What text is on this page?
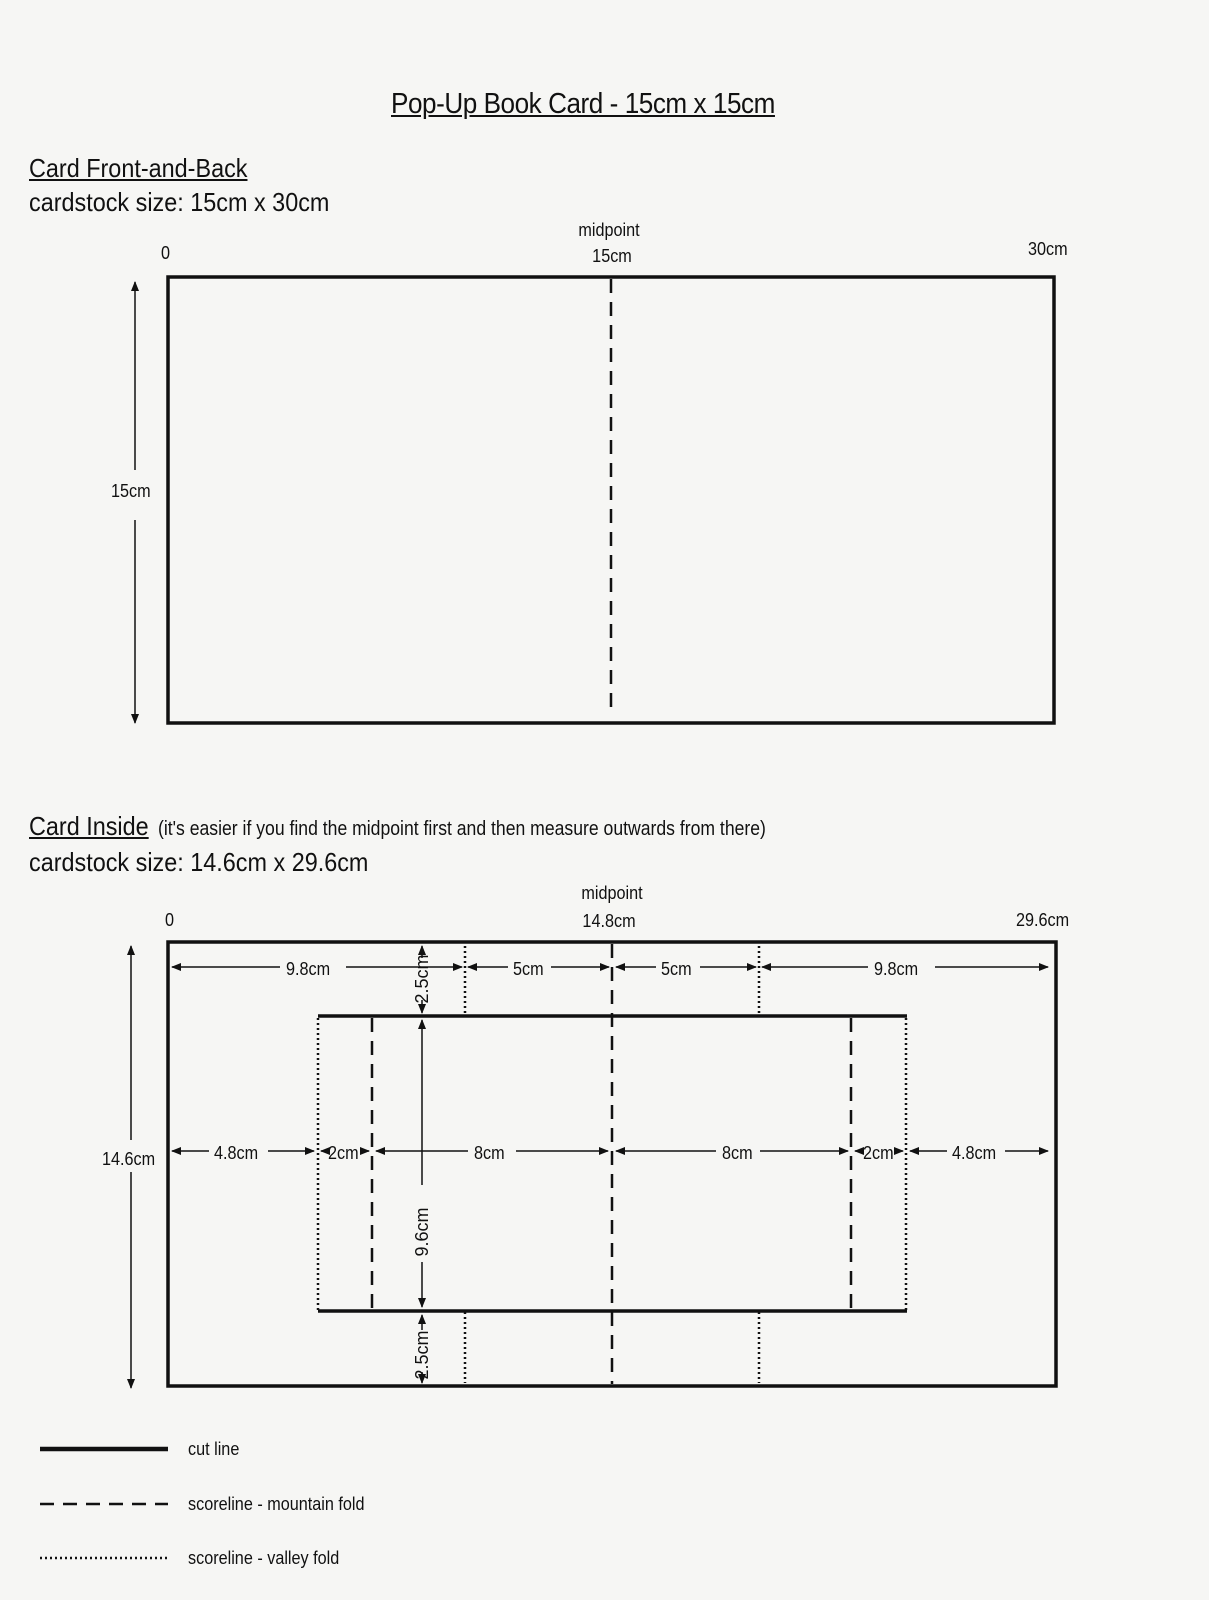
Pop-Up Book Card - 15cm x 15cm
Card Front-and-Back
cardstock size: 15cm x 30cm
0
midpoint
15cm	30cm
15cm
Card Inside (it's easier if you find the midpoint first and then measure outwards from there)
cardstock size: 14.6cm x 29.6cm
0
midpoint
14.8cm	29.6cm
14.6cm
9.8cm	5cm	5cm	9.8cm
4.8cm	2cm	8cm	8cm	2cm	4.8cm
2.5cm
9.6cm
2.5cm
cut line
scoreline - mountain fold
scoreline - valley fold
